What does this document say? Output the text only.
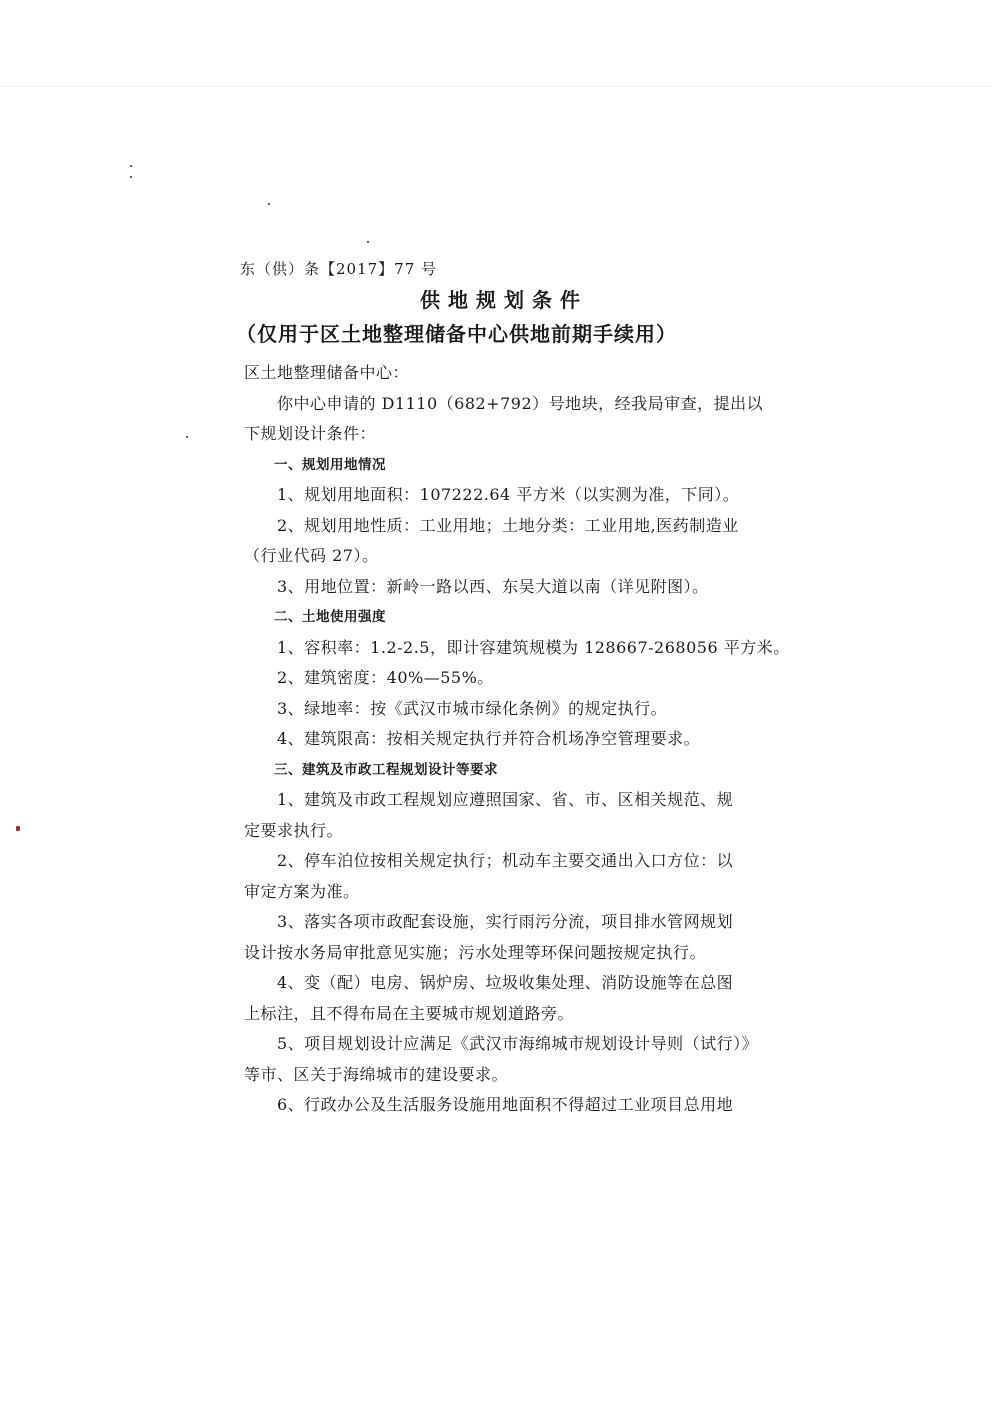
东（供）条【2017】77 号
供地规划条件
（仅用于区土地整理储备中心供地前期手续用）
区土地整理储备中心：
你中心申请的 D1110（682+792）号地块，经我局审查，提出以
下规划设计条件：
一、规划用地情况
1、规划用地面积：107222.64 平方米（以实测为准，下同）。
2、规划用地性质：工业用地；土地分类：工业用地,医药制造业
（行业代码 27）。
3、用地位置：新岭一路以西、东吴大道以南（详见附图）。
二、土地使用强度
1、容积率：1.2-2.5，即计容建筑规模为 128667-268056 平方米。
2、建筑密度：40%—55%。
3、绿地率：按《武汉市城市绿化条例》的规定执行。
4、建筑限高：按相关规定执行并符合机场净空管理要求。
三、建筑及市政工程规划设计等要求
1、建筑及市政工程规划应遵照国家、省、市、区相关规范、规
定要求执行。
2、停车泊位按相关规定执行；机动车主要交通出入口方位：以
审定方案为准。
3、落实各项市政配套设施，实行雨污分流，项目排水管网规划
设计按水务局审批意见实施；污水处理等环保问题按规定执行。
4、变（配）电房、锅炉房、垃圾收集处理、消防设施等在总图
上标注，且不得布局在主要城市规划道路旁。
5、项目规划设计应满足《武汉市海绵城市规划设计导则（试行）》
等市、区关于海绵城市的建设要求。
6、行政办公及生活服务设施用地面积不得超过工业项目总用地
